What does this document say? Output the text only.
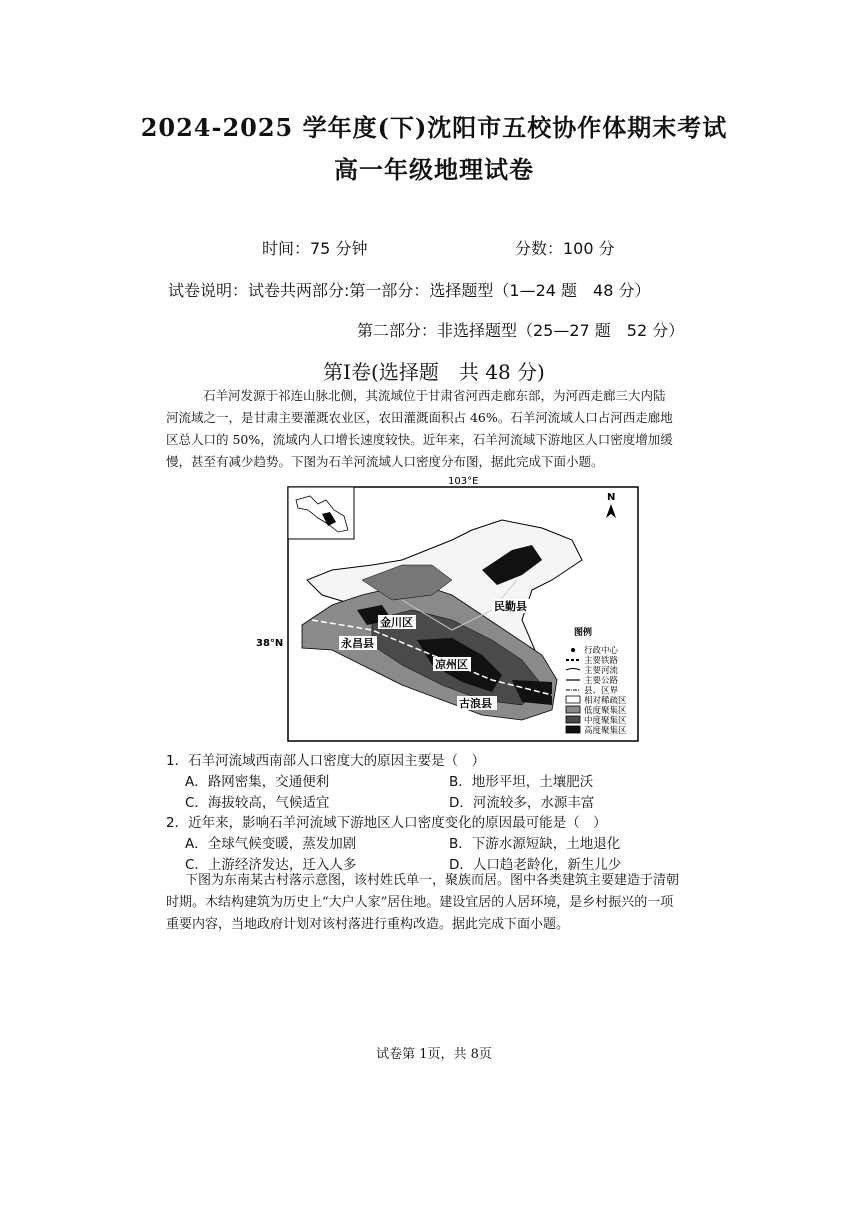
2024-2025 学年度(下)沈阳市五校协作体期末考试
高一年级地理试卷
时间：75 分钟	分数：100 分
试卷说明：试卷共两部分:第一部分：选择题型（1—24 题　48 分）
第二部分：非选择题型（25—27 题　52 分）
第Ⅰ卷(选择题　共 48 分)
石羊河发源于祁连山脉北侧，其流域位于甘肃省河西走廊东部，为河西走廊三大内陆
河流域之一，是甘肃主要灌溉农业区，农田灌溉面积占 46%。石羊河流域人口占河西走廊地
区总人口的 50%，流域内人口增长速度较快。近年来，石羊河流域下游地区人口密度增加缓
慢，甚至有减少趋势。下图为石羊河流域人口密度分布图，据此完成下面小题。
103°E
38°N
N
民勤县
金川区
永昌县
凉州区
古浪县
图例
行政中心
主要铁路
主要河流
主要公路
县、区界
相对稀疏区
低度聚集区
中度聚集区
高度聚集区
1．石羊河流域西南部人口密度大的原因主要是（　）
A．路网密集，交通便利	B．地形平坦，土壤肥沃
C．海拔较高，气候适宜	D．河流较多，水源丰富
2．近年来，影响石羊河流域下游地区人口密度变化的原因最可能是（　）
A．全球气候变暖，蒸发加剧	B．下游水源短缺，土地退化
C．上游经济发达，迁入人多	D．人口趋老龄化，新生儿少
下图为东南某古村落示意图，该村姓氏单一，聚族而居。图中各类建筑主要建造于清朝
时期。木结构建筑为历史上“大户人家”居住地。建设宜居的人居环境，是乡村振兴的一项
重要内容，当地政府计划对该村落进行重构改造。据此完成下面小题。
试卷第 1页，共 8页
